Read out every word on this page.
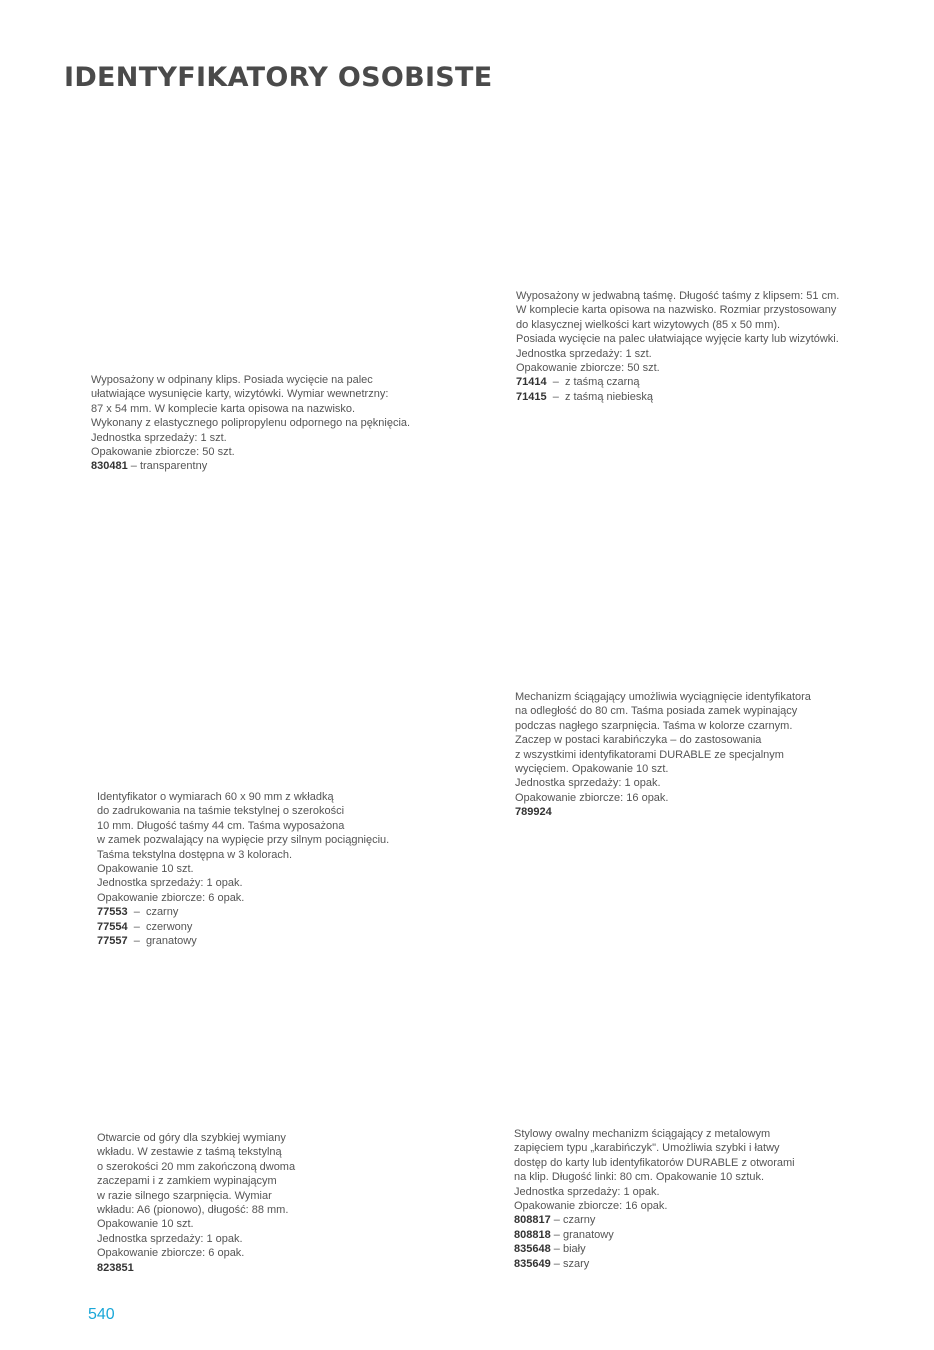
IDENTYFIKATORY OSOBISTE

Wyposażony w odpinany klips. Posiada wycięcie na palec

ułatwiające wysunięcie karty, wizytówki. Wymiar wewnetrzny:

87 x 54 mm. W komplecie karta opisowa na nazwisko.

Wykonany z elastycznego polipropylenu odpornego na pęknięcia.

Jednostka sprzedaży: 1 szt.

Opakowanie zbiorcze: 50 szt.

830481 – transparentny

Wyposażony w jedwabną taśmę. Długość taśmy z klipsem: 51 cm.

W komplecie karta opisowa na nazwisko. Rozmiar przystosowany

do klasycznej wielkości kart wizytowych (85 x 50 mm).

Posiada wycięcie na palec ułatwiające wyjęcie karty lub wizytówki.

Jednostka sprzedaży: 1 szt.

Opakowanie zbiorcze: 50 szt.

71414  –  z taśmą czarną

71415  –  z taśmą niebieską

Identyfikator o wymiarach 60 x 90 mm z wkładką

do zadrukowania na taśmie tekstylnej o szerokości

10 mm. Długość taśmy 44 cm. Taśma wyposażona

w zamek pozwalający na wypięcie przy silnym pociągnięciu.

Taśma tekstylna dostępna w 3 kolorach.

Opakowanie 10 szt.

Jednostka sprzedaży: 1 opak.

Opakowanie zbiorcze: 6 opak.

77553  –  czarny

77554  –  czerwony

77557  –  granatowy

Mechanizm ściągający umożliwia wyciągnięcie identyfikatora

na odległość do 80 cm. Taśma posiada zamek wypinający

podczas nagłego szarpnięcia. Taśma w kolorze czarnym.

Zaczep w postaci karabińczyka – do zastosowania

z wszystkimi identyfikatorami DURABLE ze specjalnym

wycięciem. Opakowanie 10 szt.

Jednostka sprzedaży: 1 opak.

Opakowanie zbiorcze: 16 opak.

789924

Otwarcie od góry dla szybkiej wymiany

wkładu. W zestawie z taśmą tekstylną

o szerokości 20 mm zakończoną dwoma

zaczepami i z zamkiem wypinającym

w razie silnego szarpnięcia. Wymiar

wkładu: A6 (pionowo), długość: 88 mm.

Opakowanie 10 szt.

Jednostka sprzedaży: 1 opak.

Opakowanie zbiorcze: 6 opak.

823851

Stylowy owalny mechanizm ściągający z metalowym

zapięciem typu „karabińczyk". Umożliwia szybki i łatwy

dostęp do karty lub identyfikatorów DURABLE z otworami

na klip. Długość linki: 80 cm. Opakowanie 10 sztuk.

Jednostka sprzedaży: 1 opak.

Opakowanie zbiorcze: 16 opak.

808817 – czarny

808818 – granatowy

835648 – biały

835649 – szary

540
